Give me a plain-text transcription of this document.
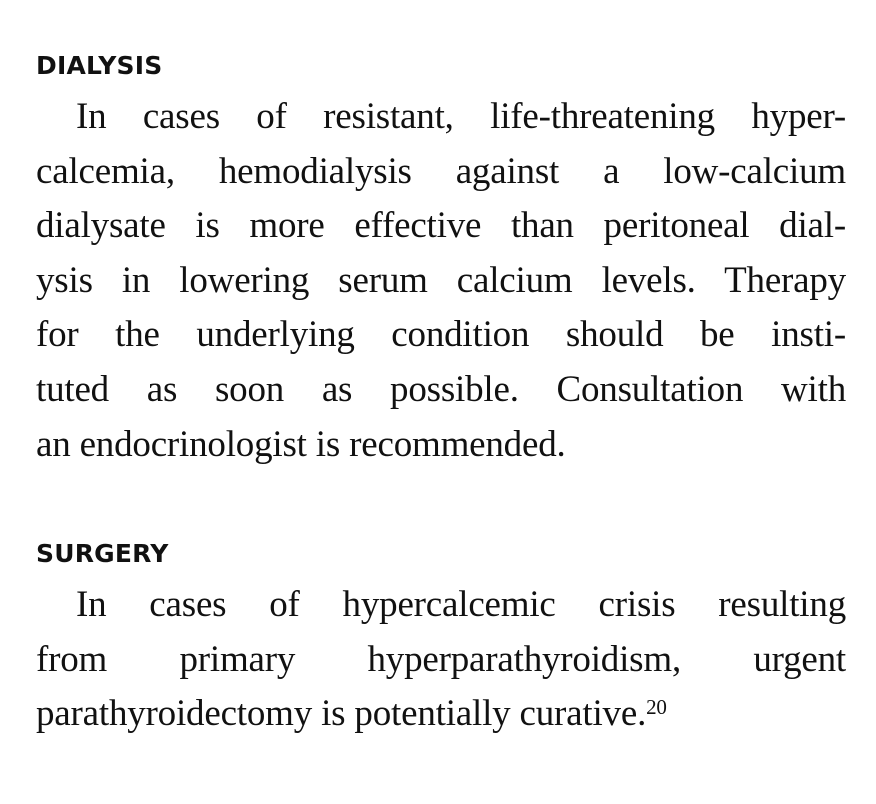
DIALYSIS
In cases of resistant, life-threatening hyper-
calcemia, hemodialysis against a low-calcium
dialysate is more effective than peritoneal dial-
ysis in lowering serum calcium levels. Therapy
for the underlying condition should be insti-
tuted as soon as possible. Consultation with
an endocrinologist is recommended.
SURGERY
In cases of hypercalcemic crisis resulting
from primary hyperparathyroidism, urgent
parathyroidectomy is potentially curative.$^{20}$
